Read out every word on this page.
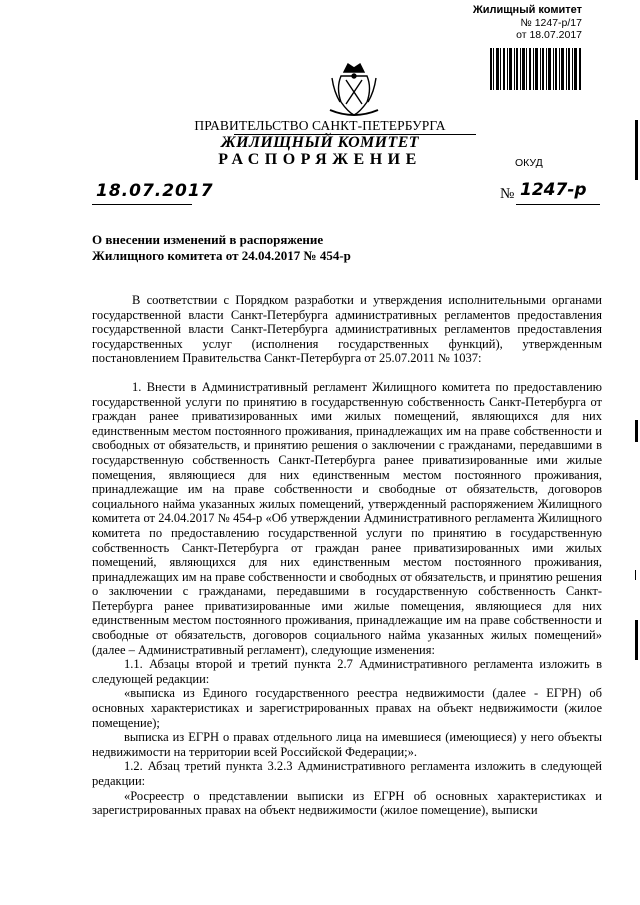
Жилищный комитет
№ 1247-р/17
от 18.07.2017
ПРАВИТЕЛЬСТВО САНКТ-ПЕТЕРБУРГА
ЖИЛИЩНЫЙ КОМИТЕТ
РАСПОРЯЖЕНИЕ	ОКУД
18.07.2017	№ 1247-р
О внесении изменений в распоряжение
Жилищного комитета от 24.04.2017 № 454-р

В соответствии с Порядком разработки и утверждения исполнительными органами государственной власти Санкт-Петербурга административных регламентов предоставления государственной власти Санкт-Петербурга административных регламентов предоставления государственных услуг (исполнения государственных функций), утвержденным постановлением Правительства Санкт-Петербурга от 25.07.2011 № 1037:

1. Внести в Административный регламент Жилищного комитета по предоставлению государственной услуги по принятию в государственную собственность Санкт-Петербурга от граждан ранее приватизированных ими жилых помещений, являющихся для них единственным местом постоянного проживания, принадлежащих им на праве собственности и свободных от обязательств, и принятию решения о заключении с гражданами, передавшими в государственную собственность Санкт-Петербурга ранее приватизированные ими жилые помещения, являющиеся для них единственным местом постоянного проживания, принадлежащие им на праве собственности и свободные от обязательств, договоров социального найма указанных жилых помещений, утвержденный распоряжением Жилищного комитета от 24.04.2017 № 454-р «Об утверждении Административного регламента Жилищного комитета по предоставлению государственной услуги по принятию в государственную собственность Санкт-Петербурга от граждан ранее приватизированных ими жилых помещений, являющихся для них единственным местом постоянного проживания, принадлежащих им на праве собственности и свободных от обязательств, и принятию решения о заключении с гражданами, передавшими в государственную собственность Санкт-Петербурга ранее приватизированные ими жилые помещения, являющиеся для них единственным местом постоянного проживания, принадлежащие им на праве собственности и свободные от обязательств, договоров социального найма указанных жилых помещений» (далее – Административный регламент), следующие изменения:

1.1. Абзацы второй и третий пункта 2.7 Административного регламента изложить в следующей редакции:

«выписка из Единого государственного реестра недвижимости (далее - ЕГРН) об основных характеристиках и зарегистрированных правах на объект недвижимости (жилое помещение);

выписка из ЕГРН о правах отдельного лица на имевшиеся (имеющиеся) у него объекты недвижимости на территории всей Российской Федерации;».

1.2. Абзац третий пункта 3.2.3 Административного регламента изложить в следующей редакции:

«Росреестр о представлении выписки из ЕГРН об основных характеристиках и зарегистрированных правах на объект недвижимости (жилое помещение), выписки
